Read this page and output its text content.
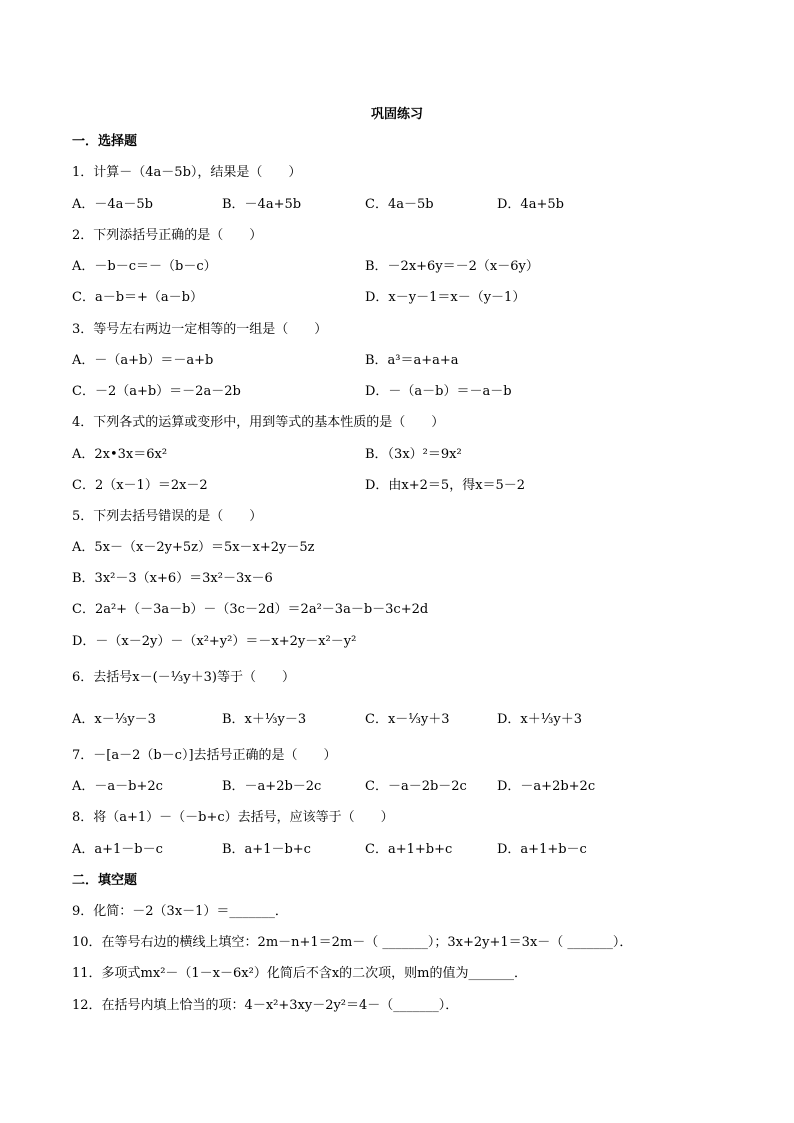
巩固练习
一．选择题
1．计算－（4a－5b），结果是（　　）
A．－4a－5b	B．－4a+5b	C．4a－5b	D．4a+5b
2．下列添括号正确的是（　　）
A．－b－c＝－（b－c）	B．－2x+6y＝－2（x－6y）
C．a－b＝+（a－b）	D．x－y－1＝x－（y－1）
3．等号左右两边一定相等的一组是（　　）
A．－（a+b）＝－a+b	B．a³＝a+a+a
C．－2（a+b）＝－2a－2b	D．－（a－b）＝－a－b
4．下列各式的运算或变形中，用到等式的基本性质的是（　　）
A．2x•3x＝6x²	B．（3x）²＝9x²
C．2（x－1）＝2x－2	D．由x+2＝5，得x＝5－2
5．下列去括号错误的是（　　）
A．5x－（x－2y+5z）＝5x－x+2y－5z
B．3x²－3（x+6）＝3x²－3x－6
C．2a²+（－3a－b）－（3c－2d）＝2a²－3a－b－3c+2d
D．－（x－2y）－（x²+y²）＝－x+2y－x²－y²
6．去括号x－(－⅓y＋3)等于（　　）
A．x－⅓y－3	B．x＋⅓y－3	C．x－⅓y＋3	D．x＋⅓y＋3
7．－[a－2（b－c）]去括号正确的是（　　）
A．－a－b+2c	B．－a+2b－2c	C．－a－2b－2c D．－a+2b+2c
8．将（a+1）－（－b+c）去括号，应该等于（　　）
A．a+1－b－c	B．a+1－b+c	C．a+1+b+c	D．a+1+b－c
二．填空题
9．化简：－2（3x－1）＝_______．
10．在等号右边的横线上填空：2m－n+1＝2m－（ _______）；3x+2y+1＝3x－（ _______）．
11．多项式mx²－（1－x－6x²）化简后不含x的二次项，则m的值为_______．
12．在括号内填上恰当的项：4－x²+3xy－2y²＝4－（_______）．
